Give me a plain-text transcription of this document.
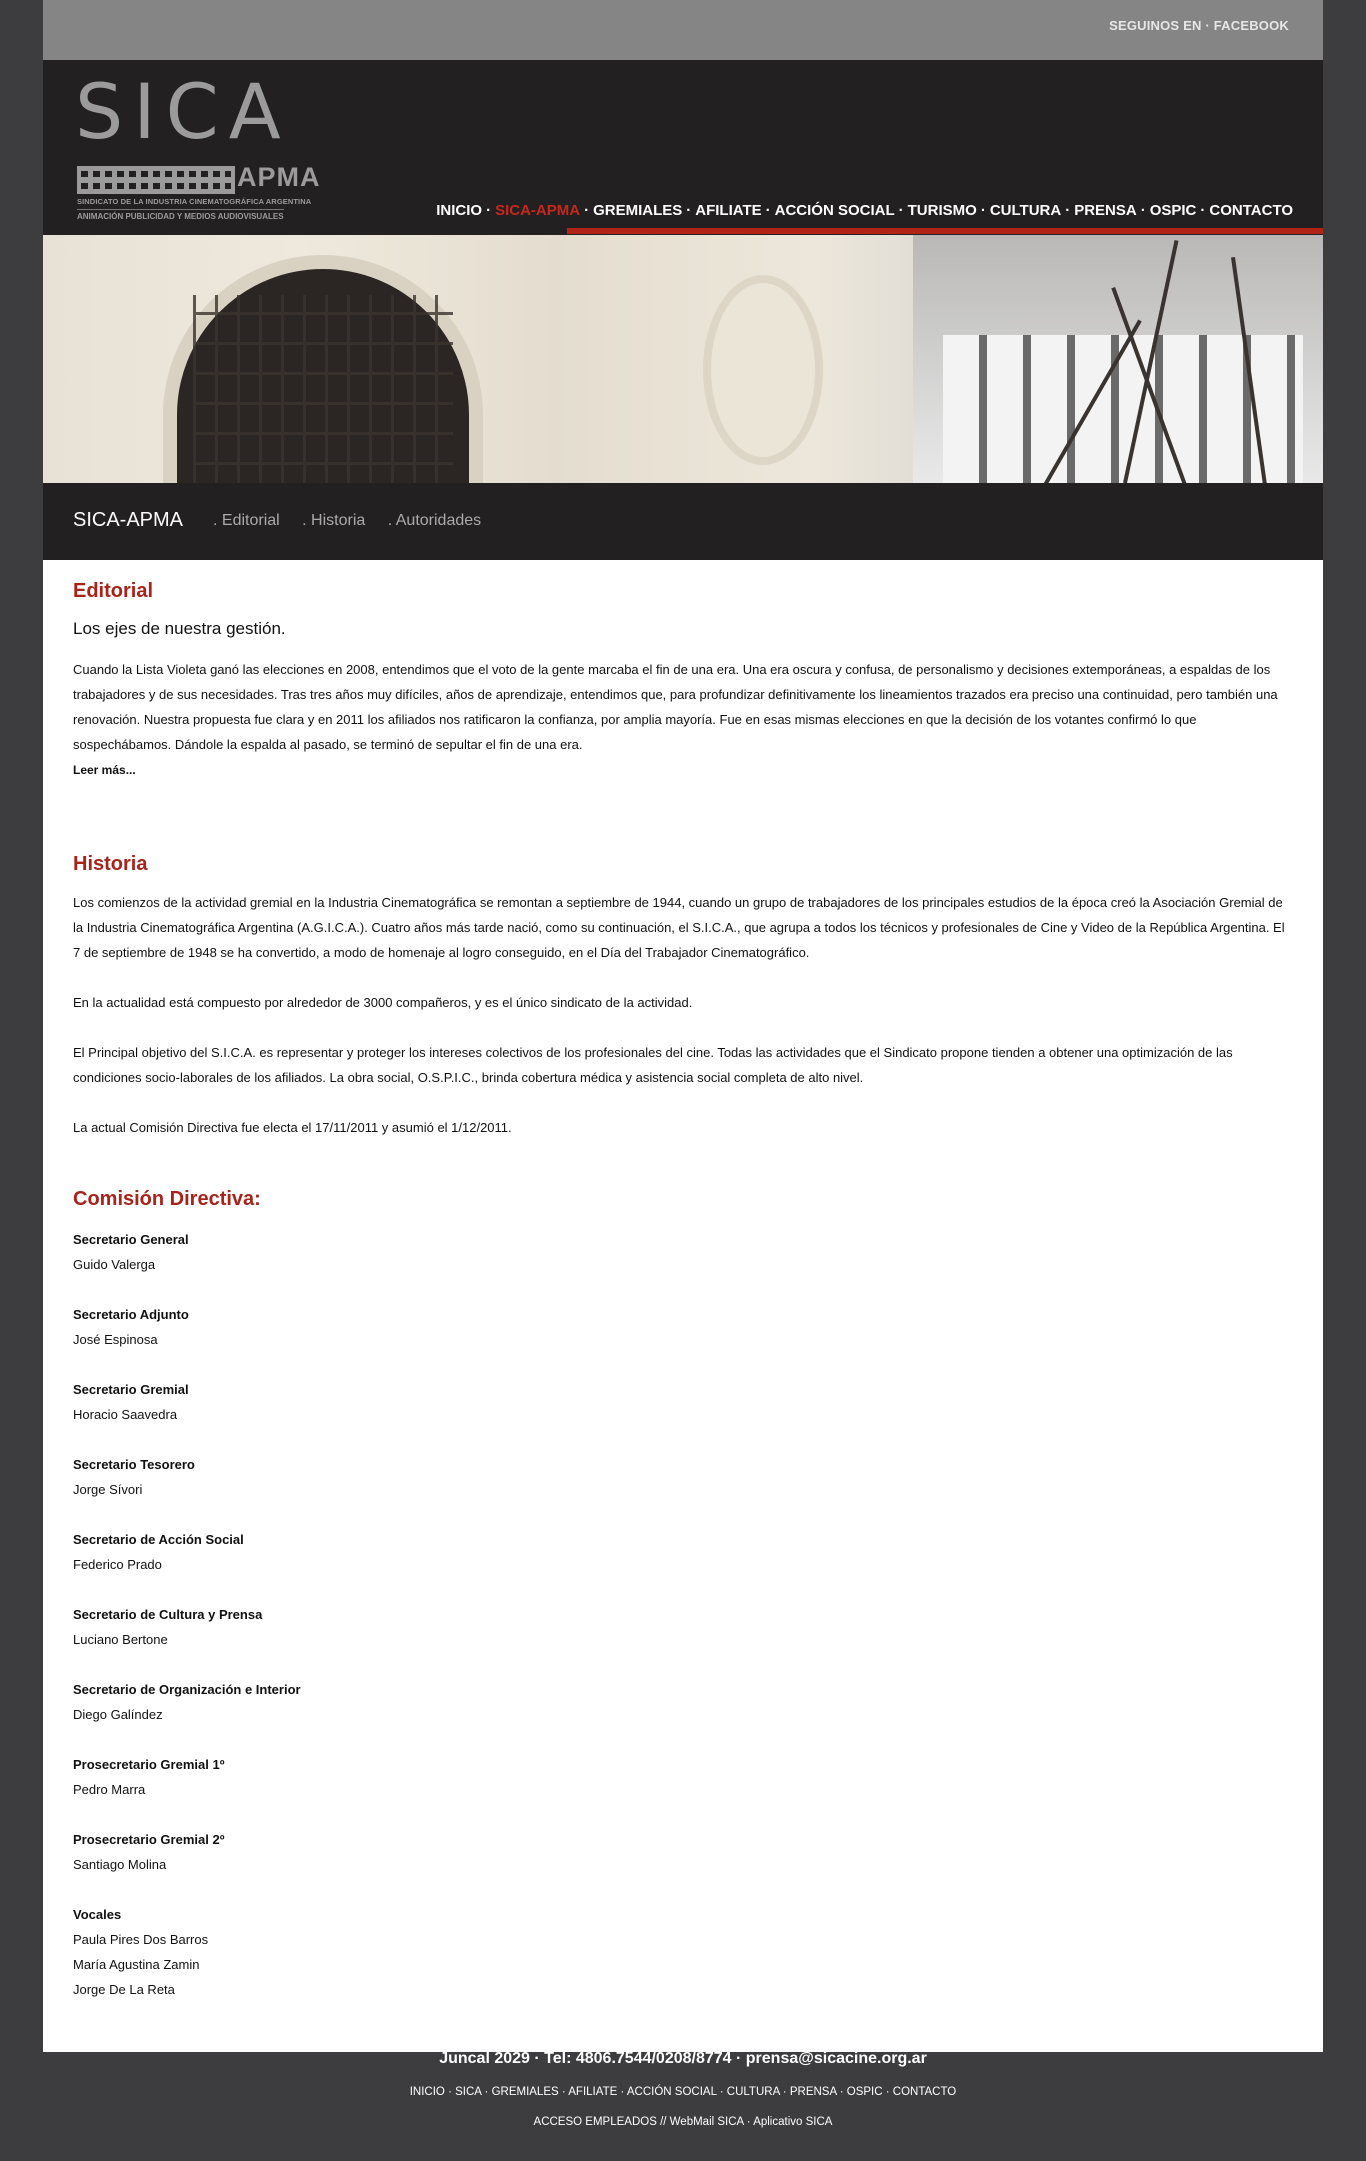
SEGUINOS EN · FACEBOOK
SICA
APMA
SINDICATO DE LA INDUSTRIA CINEMATOGRÁFICA ARGENTINA
ANIMACIÓN PUBLICIDAD Y MEDIOS AUDIOVISUALES
SICA-APMA . Editorial . Historia . Autoridades
Editorial
Los ejes de nuestra gestión.

Cuando la Lista Violeta ganó las elecciones en 2008, entendimos que el voto de la gente marcaba el fin de una era. Una era oscura y confusa, de personalismo y decisiones extemporáneas, a espaldas de los trabajadores y de sus necesidades. Tras tres años muy difíciles, años de aprendizaje, entendimos que, para profundizar definitivamente los lineamientos trazados era preciso una continuidad, pero también una renovación. Nuestra propuesta fue clara y en 2011 los afiliados nos ratificaron la confianza, por amplia mayoría. Fue en esas mismas elecciones en que la decisión de los votantes confirmó lo que sospechábamos. Dándole la espalda al pasado, se terminó de sepultar el fin de una era.

Leer más...
Historia

Los comienzos de la actividad gremial en la Industria Cinematográfica se remontan a septiembre de 1944, cuando un grupo de trabajadores de los principales estudios de la época creó la Asociación Gremial de la Industria Cinematográfica Argentina (A.G.I.C.A.). Cuatro años más tarde nació, como su continuación, el S.I.C.A., que agrupa a todos los técnicos y profesionales de Cine y Video de la República Argentina. El 7 de septiembre de 1948 se ha convertido, a modo de homenaje al logro conseguido, en el Día del Trabajador Cinematográfico.

En la actualidad está compuesto por alrededor de 3000 compañeros, y es el único sindicato de la actividad.

El Principal objetivo del S.I.C.A. es representar y proteger los intereses colectivos de los profesionales del cine. Todas las actividades que el Sindicato propone tienden a obtener una optimización de las condiciones socio-laborales de los afiliados. La obra social, O.S.P.I.C., brinda cobertura médica y asistencia social completa de alto nivel.

La actual Comisión Directiva fue electa el 17/11/2011 y asumió el 1/12/2011.

Comisión Directiva:
Secretario General
Guido Valerga
Secretario Adjunto
José Espinosa
Secretario Gremial
Horacio Saavedra
Secretario Tesorero
Jorge Sívori
Secretario de Acción Social
Federico Prado
Secretario de Cultura y Prensa
Luciano Bertone
Secretario de Organización e Interior
Diego Galíndez
Prosecretario Gremial 1º
Pedro Marra
Prosecretario Gremial 2º
Santiago Molina
Vocales
Paula Pires Dos Barros
María Agustina Zamin
Jorge De La Reta
INICIO · SICA-APMA · GREMIALES · AFILIATE · ACCIÓN SOCIAL · TURISMO · CULTURA · PRENSA · OSPIC · CONTACTO
Juncal 2029 · Tel: 4806.7544/0208/8774 · prensa@sicacine.org.ar
INICIO · SICA · GREMIALES · AFILIATE · ACCIÓN SOCIAL · CULTURA · PRENSA · OSPIC · CONTACTO
ACCESO EMPLEADOS // WebMail SICA · Aplicativo SICA
